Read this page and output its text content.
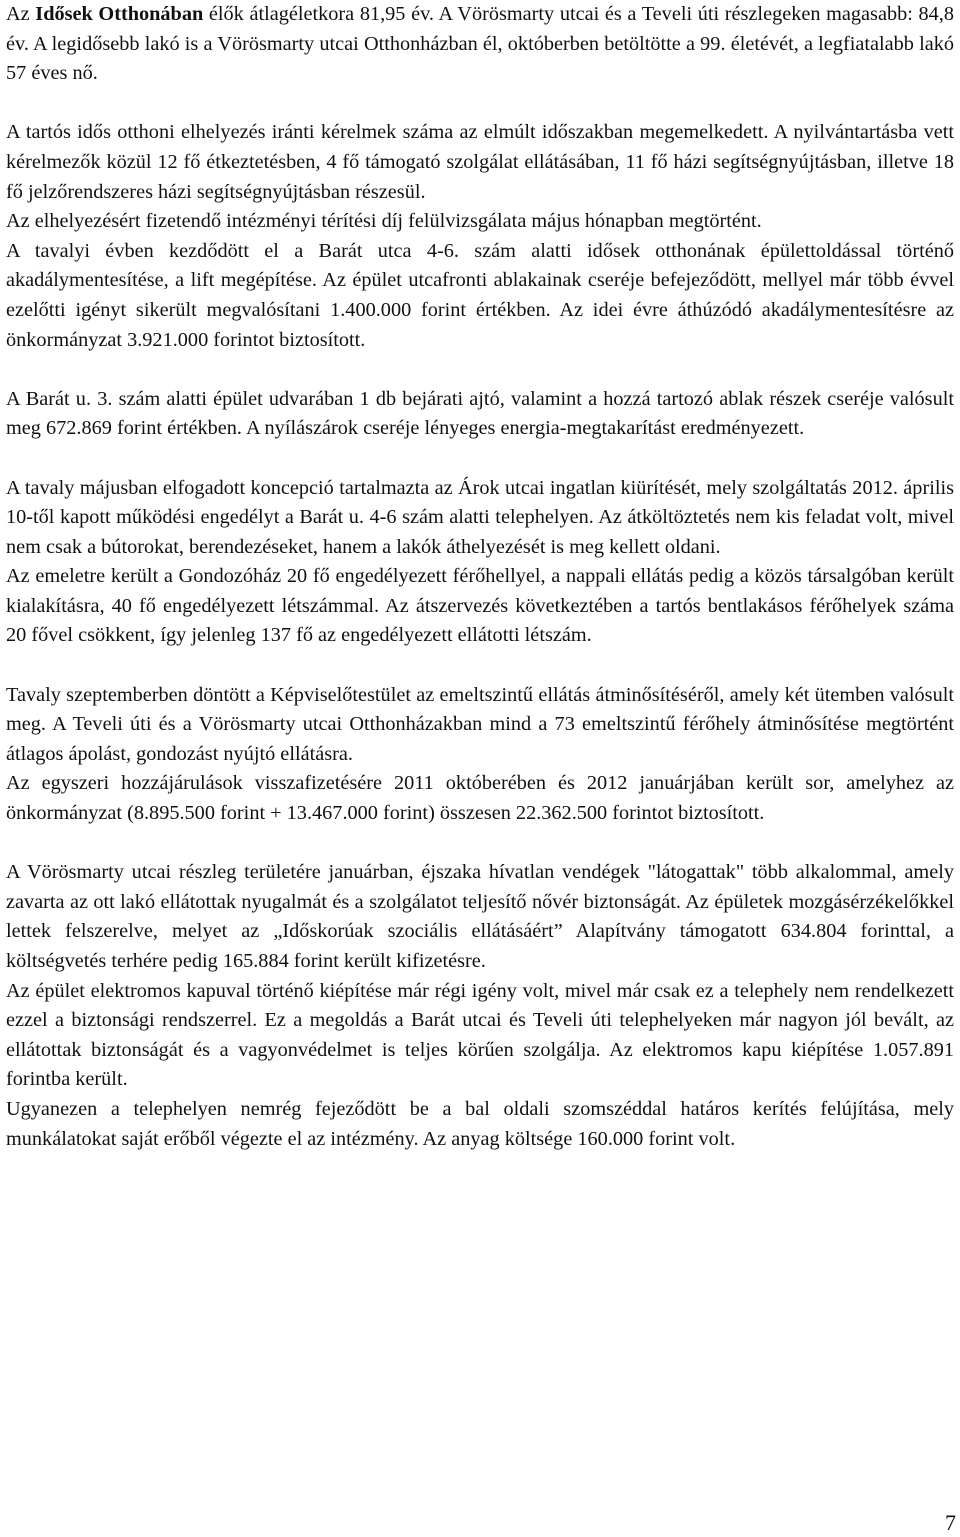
Az Idősek Otthonában élők átlagéletkora 81,95 év. A Vörösmarty utcai és a Teveli úti részlegeken magasabb: 84,8 év. A legidősebb lakó is a Vörösmarty utcai Otthonházban él, októberben betöltötte a 99. életévét, a legfiatalabb lakó 57 éves nő.

A tartós idős otthoni elhelyezés iránti kérelmek száma az elmúlt időszakban megemelkedett. A nyilvántartásba vett kérelmezők közül 12 fő étkeztetésben, 4 fő támogató szolgálat ellátásában, 11 fő házi segítségnyújtásban, illetve 18 fő jelzőrendszeres házi segítségnyújtásban részesül.

Az elhelyezésért fizetendő intézményi térítési díj felülvizsgálata május hónapban megtörtént.

A tavalyi évben kezdődött el a Barát utca 4-6. szám alatti idősek otthonának épülettoldással történő akadálymentesítése, a lift megépítése. Az épület utcafronti ablakainak cseréje befejeződött, mellyel már több évvel ezelőtti igényt sikerült megvalósítani 1.400.000 forint értékben. Az idei évre áthúzódó akadálymentesítésre az önkormányzat 3.921.000 forintot biztosított.

A Barát u. 3. szám alatti épület udvarában 1 db bejárati ajtó, valamint a hozzá tartozó ablak részek cseréje valósult meg 672.869 forint értékben. A nyílászárok cseréje lényeges energia-megtakarítást eredményezett.

A tavaly májusban elfogadott koncepció tartalmazta az Árok utcai ingatlan kiürítését, mely szolgáltatás 2012. április 10-től kapott működési engedélyt a Barát u. 4-6 szám alatti telephelyen. Az átköltöztetés nem kis feladat volt, mivel nem csak a bútorokat, berendezéseket, hanem a lakók áthelyezését is meg kellett oldani.

Az emeletre került a Gondozóház 20 fő engedélyezett férőhellyel, a nappali ellátás pedig a közös társalgóban került kialakításra, 40 fő engedélyezett létszámmal. Az átszervezés következtében a tartós bentlakásos férőhelyek száma 20 fővel csökkent, így jelenleg 137 fő az engedélyezett ellátotti létszám.

Tavaly szeptemberben döntött a Képviselőtestület az emeltszintű ellátás átminősítéséről, amely két ütemben valósult meg. A Teveli úti és a Vörösmarty utcai Otthonházakban mind a 73 emeltszintű férőhely átminősítése megtörtént átlagos ápolást, gondozást nyújtó ellátásra.

Az egyszeri hozzájárulások visszafizetésére 2011 októberében és 2012 januárjában került sor, amelyhez az önkormányzat (8.895.500 forint + 13.467.000 forint) összesen 22.362.500 forintot biztosított.

A Vörösmarty utcai részleg területére januárban, éjszaka hívatlan vendégek "látogattak" több alkalommal, amely zavarta az ott lakó ellátottak nyugalmát és a szolgálatot teljesítő nővér biztonságát. Az épületek mozgásérzékelőkkel lettek felszerelve, melyet az „Időskorúak szociális ellátásáért” Alapítvány támogatott 634.804 forinttal, a költségvetés terhére pedig 165.884 forint került kifizetésre.

Az épület elektromos kapuval történő kiépítése már régi igény volt, mivel már csak ez a telephely nem rendelkezett ezzel a biztonsági rendszerrel. Ez a megoldás a Barát utcai és Teveli úti telephelyeken már nagyon jól bevált, az ellátottak biztonságát és a vagyonvédelmet is teljes körűen szolgálja. Az elektromos kapu kiépítése 1.057.891 forintba került.

Ugyanezen a telephelyen nemrég fejeződött be a bal oldali szomszéddal határos kerítés felújítása, mely munkálatokat saját erőből végezte el az intézmény. Az anyag költsége 160.000 forint volt.

7
